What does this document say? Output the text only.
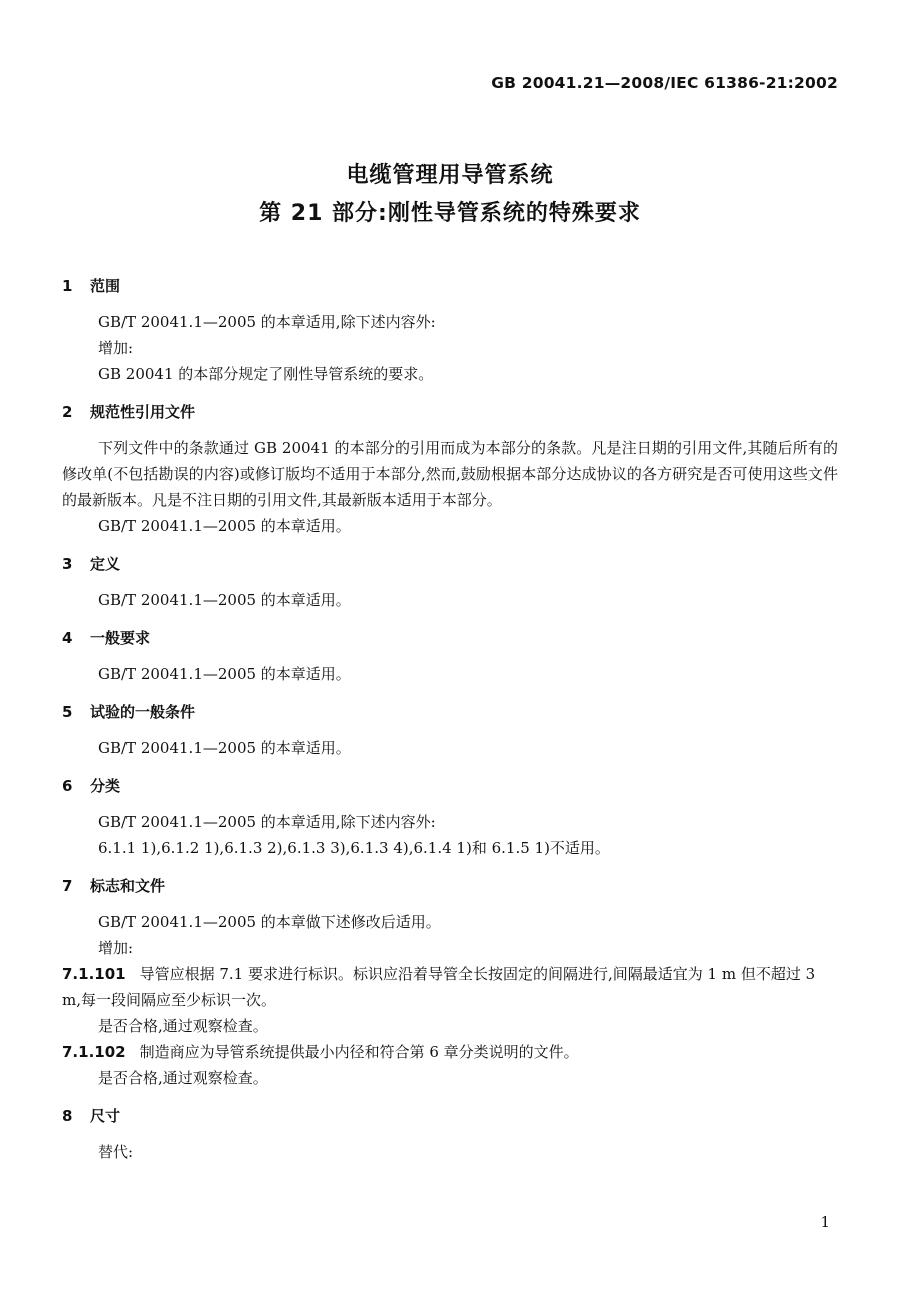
GB 20041.21—2008/IEC 61386-21:2002
电缆管理用导管系统
第 21 部分:刚性导管系统的特殊要求
1	范围
GB/T 20041.1—2005 的本章适用,除下述内容外:
增加:
GB 20041 的本部分规定了刚性导管系统的要求。
2	规范性引用文件
下列文件中的条款通过 GB 20041 的本部分的引用而成为本部分的条款。凡是注日期的引用文件,其随后所有的修改单(不包括勘误的内容)或修订版均不适用于本部分,然而,鼓励根据本部分达成协议的各方研究是否可使用这些文件的最新版本。凡是不注日期的引用文件,其最新版本适用于本部分。
GB/T 20041.1—2005 的本章适用。
3	定义
GB/T 20041.1—2005 的本章适用。
4	一般要求
GB/T 20041.1—2005 的本章适用。
5	试验的一般条件
GB/T 20041.1—2005 的本章适用。
6	分类
GB/T 20041.1—2005 的本章适用,除下述内容外:
6.1.1 1),6.1.2 1),6.1.3 2),6.1.3 3),6.1.3 4),6.1.4 1)和 6.1.5 1)不适用。
7	标志和文件
GB/T 20041.1—2005 的本章做下述修改后适用。
增加:
7.1.101 导管应根据 7.1 要求进行标识。标识应沿着导管全长按固定的间隔进行,间隔最适宜为 1 m 但不超过 3 m,每一段间隔应至少标识一次。
是否合格,通过观察检查。
7.1.102 制造商应为导管系统提供最小内径和符合第 6 章分类说明的文件。
是否合格,通过观察检查。
8	尺寸
替代:
1
